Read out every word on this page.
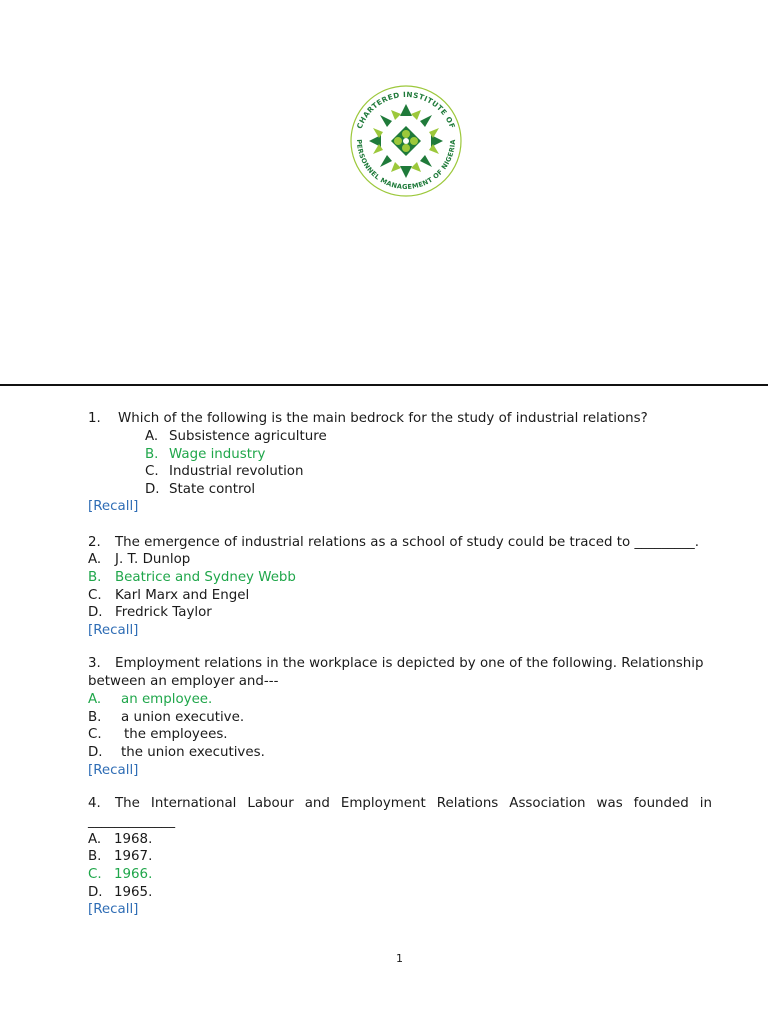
CHARTERED INSTITUTE OF
PERSONNEL MANAGEMENT OF NIGERIA
1. Which of the following is the main bedrock for the study of industrial relations?
A. Subsistence agriculture
B. Wage industry
C. Industrial revolution
D. State control
[Recall]
2. The emergence of industrial relations as a school of study could be traced to _________.
A. J. T. Dunlop
B. Beatrice and Sydney Webb
C. Karl Marx and Engel
D. Fredrick Taylor
[Recall]
3. Employment relations in the workplace is depicted by one of the following. Relationship
between an employer and---
A. an employee.
B. a union executive.
C. the employees.
D. the union executives.
[Recall]
4. The International Labour and Employment Relations Association was founded in
_____________
A. 1968.
B. 1967.
C. 1966.
D. 1965.
[Recall]
1
